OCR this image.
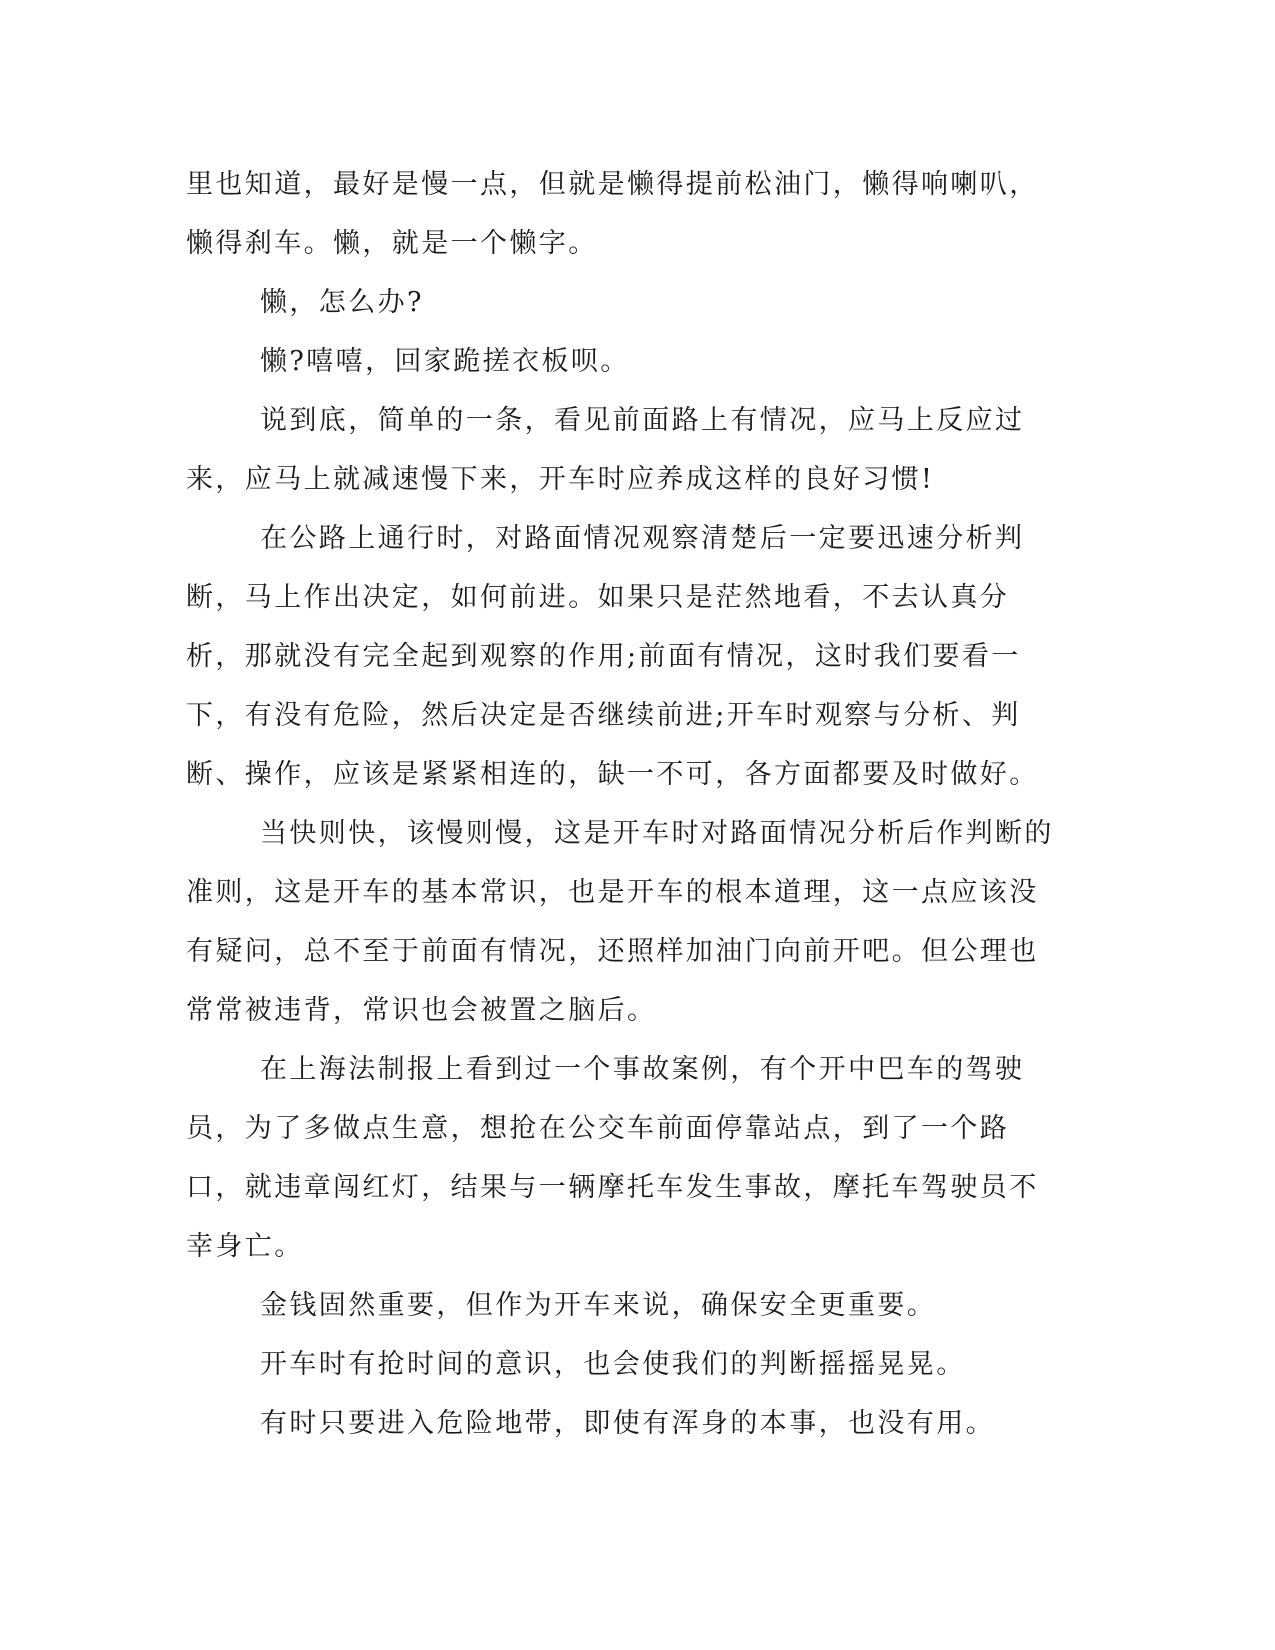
里也知道，最好是慢一点，但就是懒得提前松油门，懒得响喇叭，懒得刹车。懒，就是一个懒字。

懒，怎么办?

懒?嘻嘻，回家跪搓衣板呗。

说到底，简单的一条，看见前面路上有情况，应马上反应过来，应马上就减速慢下来，开车时应养成这样的良好习惯!

在公路上通行时，对路面情况观察清楚后一定要迅速分析判断，马上作出决定，如何前进。如果只是茫然地看，不去认真分析，那就没有完全起到观察的作用;前面有情况，这时我们要看一下，有没有危险，然后决定是否继续前进;开车时观察与分析、判断、操作，应该是紧紧相连的，缺一不可，各方面都要及时做好。

当快则快，该慢则慢，这是开车时对路面情况分析后作判断的准则，这是开车的基本常识，也是开车的根本道理，这一点应该没有疑问，总不至于前面有情况，还照样加油门向前开吧。但公理也常常被违背，常识也会被置之脑后。

在上海法制报上看到过一个事故案例，有个开中巴车的驾驶员，为了多做点生意，想抢在公交车前面停靠站点，到了一个路口，就违章闯红灯，结果与一辆摩托车发生事故，摩托车驾驶员不幸身亡。

金钱固然重要，但作为开车来说，确保安全更重要。

开车时有抢时间的意识，也会使我们的判断摇摇晃晃。

有时只要进入危险地带，即使有浑身的本事，也没有用。
